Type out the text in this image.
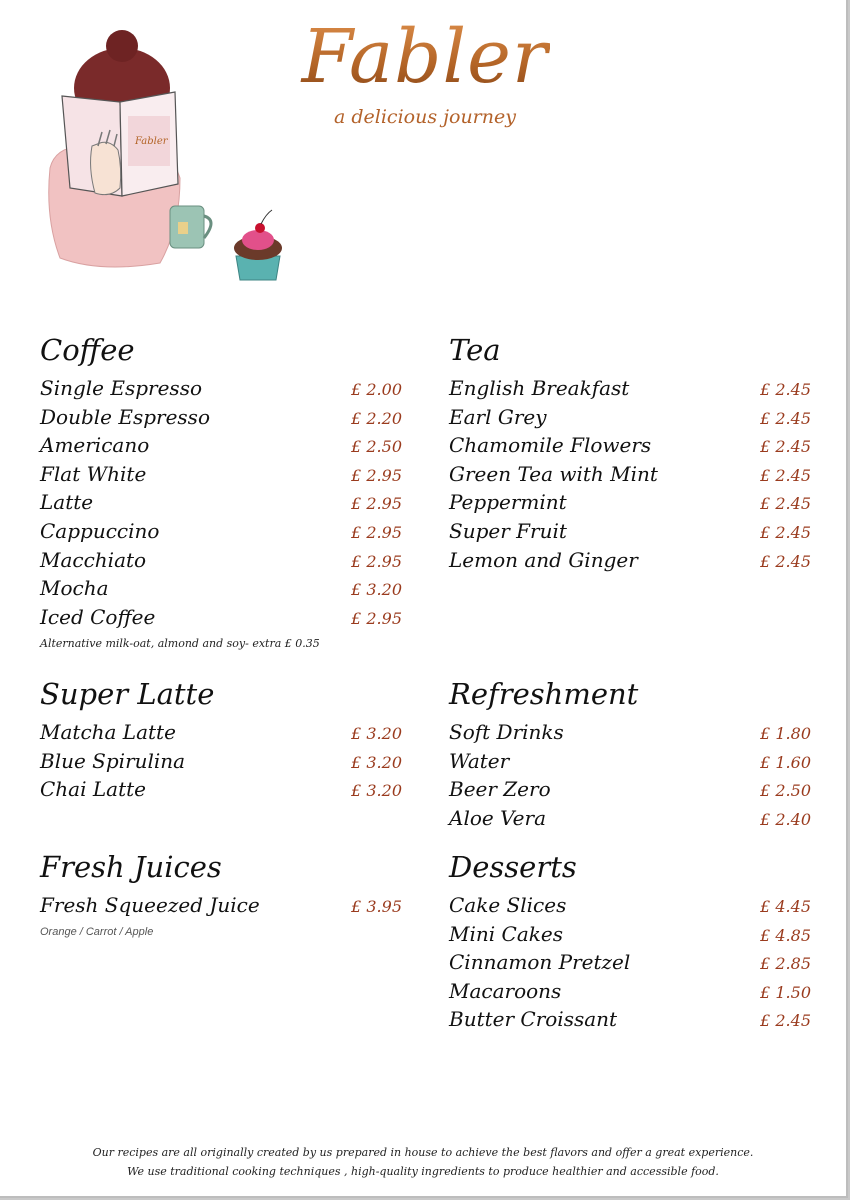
Fabler
Fabler
a delicious journey
Coffee
Single Espresso	£ 2.00
Double Espresso	£ 2.20
Americano	£ 2.50
Flat White	£ 2.95
Latte	£ 2.95
Cappuccino	£ 2.95
Macchiato	£ 2.95
Mocha	£ 3.20
Iced Coffee	£ 2.95
Alternative milk-oat, almond and soy- extra £ 0.35
Tea
English Breakfast	£ 2.45
Earl Grey	£ 2.45
Chamomile Flowers	£ 2.45
Green Tea with Mint	£ 2.45
Peppermint	£ 2.45
Super Fruit	£ 2.45
Lemon and Ginger	£ 2.45
Super Latte
Matcha Latte	£ 3.20
Blue Spirulina	£ 3.20
Chai Latte	£ 3.20
Refreshment
Soft Drinks	£ 1.80
Water	£ 1.60
Beer Zero	£ 2.50
Aloe Vera	£ 2.40
Fresh Juices
Fresh Squeezed Juice	£ 3.95
Orange / Carrot / Apple
Desserts
Cake Slices	£ 4.45
Mini Cakes	£ 4.85
Cinnamon Pretzel	£ 2.85
Macaroons	£ 1.50
Butter Croissant	£ 2.45
Our recipes are all originally created by us prepared in house to achieve the best flavors and offer a great experience.
We use traditional cooking techniques , high-quality ingredients to produce healthier and accessible food.
